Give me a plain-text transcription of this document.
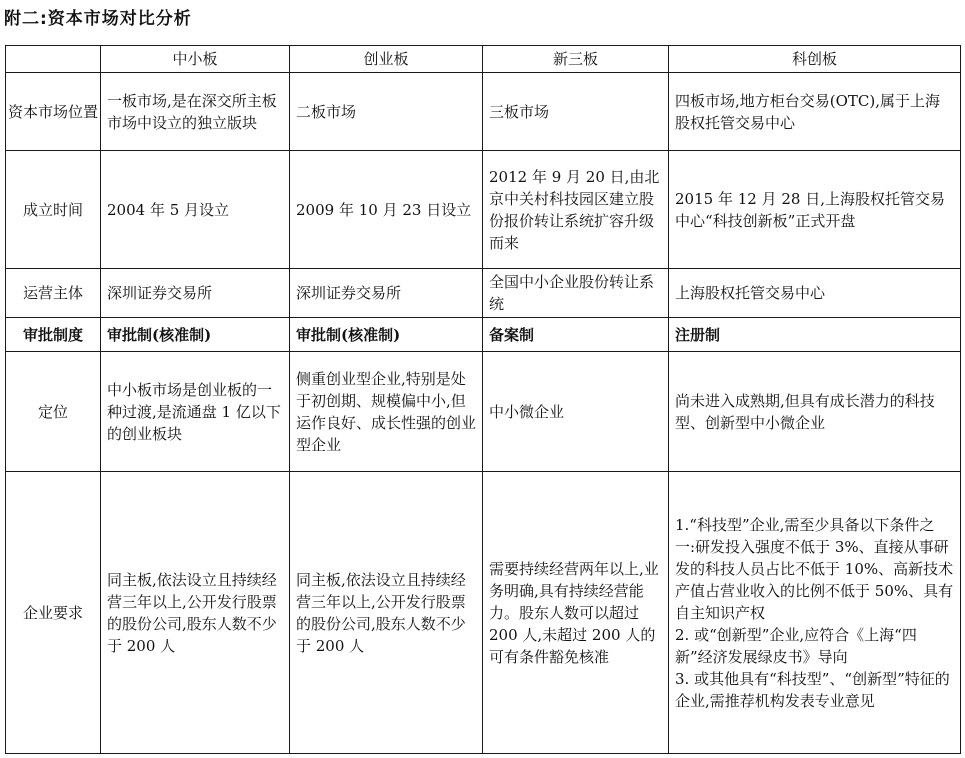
附二:资本市场对比分析
	中小板	创业板	新三板	科创板
资本市场位置	一板市场,是在深交所主板市场中设立的独立版块	二板市场	三板市场	四板市场,地方柜台交易(OTC),属于上海股权托管交易中心
成立时间	2004 年 5 月设立	2009 年 10 月 23 日设立	2012 年 9 月 20 日,由北京中关村科技园区建立股份报价转让系统扩容升级而来	2015 年 12 月 28 日,上海股权托管交易中心“科技创新板”正式开盘
运营主体	深圳证券交易所	深圳证券交易所	全国中小企业股份转让系统	上海股权托管交易中心
审批制度	审批制(核准制)	审批制(核准制)	备案制	注册制
定位	中小板市场是创业板的一种过渡,是流通盘 1 亿以下的创业板块	侧重创业型企业,特别是处于初创期、规模偏中小,但运作良好、成长性强的创业型企业	中小微企业	尚未进入成熟期,但具有成长潜力的科技型、创新型中小微企业
企业要求	同主板,依法设立且持续经营三年以上,公开发行股票的股份公司,股东人数不少于 200 人	同主板,依法设立且持续经营三年以上,公开发行股票的股份公司,股东人数不少于 200 人	需要持续经营两年以上,业务明确,具有持续经营能力。股东人数可以超过 200 人,未超过 200 人的可有条件豁免核准	1.“科技型”企业,需至少具备以下条件之一:研发投入强度不低于 3%、直接从事研发的科技人员占比不低于 10%、高新技术产值占营业收入的比例不低于 50%、具有自主知识产权
2. 或“创新型”企业,应符合《上海“四新”经济发展绿皮书》导向
3. 或其他具有“科技型”、“创新型”特征的企业,需推荐机构发表专业意见
